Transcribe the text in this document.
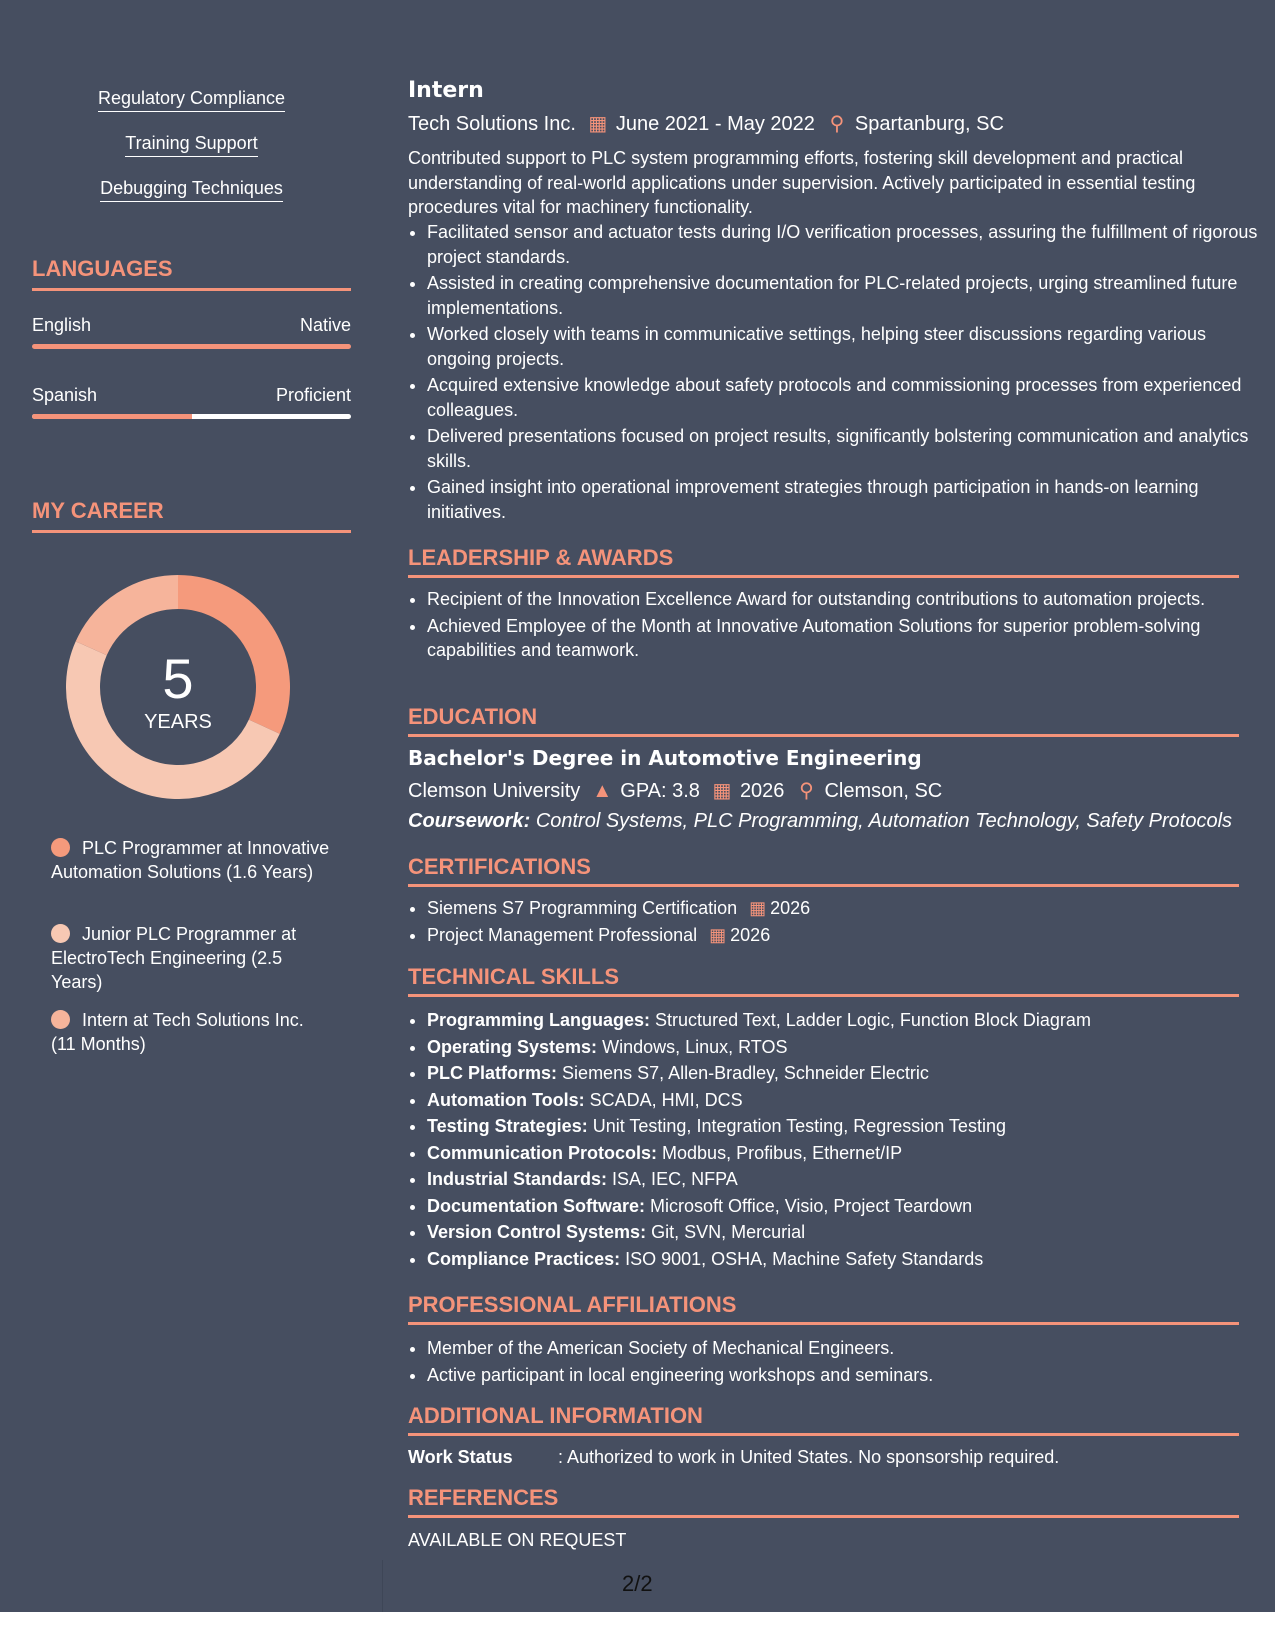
Regulatory Compliance
Training Support
Debugging Techniques
LANGUAGES
English	Native
Spanish	Proficient
MY CAREER
5
YEARS
PLC Programmer at Innovative Automation Solutions (1.6 Years)
Junior PLC Programmer at ElectroTech Engineering (2.5 Years)
Intern at Tech Solutions Inc. (11 Months)
Intern
Tech Solutions Inc. ▦ June 2021 - May 2022 ⚲ Spartanburg, SC
Contributed support to PLC system programming efforts, fostering skill development and practical understanding of real-world applications under supervision. Actively participated in essential testing procedures vital for machinery functionality.
• Facilitated sensor and actuator tests during I/O verification processes, assuring the fulfillment of rigorous project standards.
• Assisted in creating comprehensive documentation for PLC-related projects, urging streamlined future implementations.
• Worked closely with teams in communicative settings, helping steer discussions regarding various ongoing projects.
• Acquired extensive knowledge about safety protocols and commissioning processes from experienced colleagues.
• Delivered presentations focused on project results, significantly bolstering communication and analytics skills.
• Gained insight into operational improvement strategies through participation in hands-on learning initiatives.
LEADERSHIP & AWARDS
• Recipient of the Innovation Excellence Award for outstanding contributions to automation projects.
• Achieved Employee of the Month at Innovative Automation Solutions for superior problem-solving capabilities and teamwork.
EDUCATION
Bachelor's Degree in Automotive Engineering
Clemson University ▲ GPA: 3.8 ▦ 2026 ⚲ Clemson, SC
Coursework: Control Systems, PLC Programming, Automation Technology, Safety Protocols
CERTIFICATIONS
• Siemens S7 Programming Certification ▦ 2026
• Project Management Professional ▦ 2026
TECHNICAL SKILLS
• Programming Languages: Structured Text, Ladder Logic, Function Block Diagram
• Operating Systems: Windows, Linux, RTOS
• PLC Platforms: Siemens S7, Allen-Bradley, Schneider Electric
• Automation Tools: SCADA, HMI, DCS
• Testing Strategies: Unit Testing, Integration Testing, Regression Testing
• Communication Protocols: Modbus, Profibus, Ethernet/IP
• Industrial Standards: ISA, IEC, NFPA
• Documentation Software: Microsoft Office, Visio, Project Teardown
• Version Control Systems: Git, SVN, Mercurial
• Compliance Practices: ISO 9001, OSHA, Machine Safety Standards
PROFESSIONAL AFFILIATIONS
• Member of the American Society of Mechanical Engineers.
• Active participant in local engineering workshops and seminars.
ADDITIONAL INFORMATION
Work Status	: Authorized to work in United States. No sponsorship required.
REFERENCES
AVAILABLE ON REQUEST
2/2
